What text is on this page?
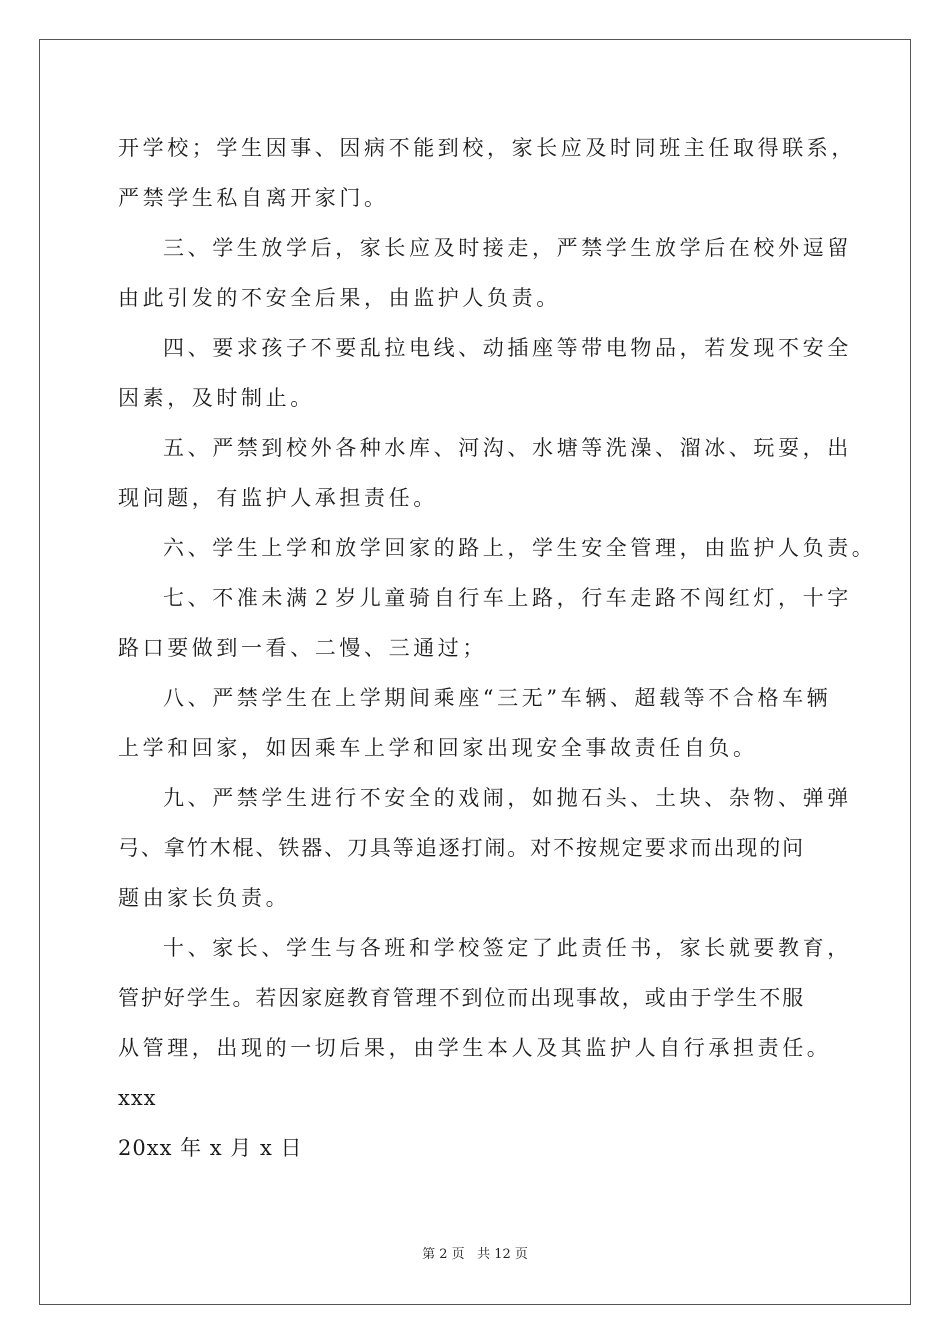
开学校；学生因事、因病不能到校，家长应及时同班主任取得联系，
严禁学生私自离开家门。
三、学生放学后，家长应及时接走，严禁学生放学后在校外逗留
由此引发的不安全后果，由监护人负责。
四、要求孩子不要乱拉电线、动插座等带电物品，若发现不安全
因素，及时制止。
五、严禁到校外各种水库、河沟、水塘等洗澡、溜冰、玩耍，出
现问题，有监护人承担责任。
六、学生上学和放学回家的路上，学生安全管理，由监护人负责。
七、不准未满２岁儿童骑自行车上路，行车走路不闯红灯，十字
路口要做到一看、二慢、三通过；
八、严禁学生在上学期间乘座“三无”车辆、超载等不合格车辆
上学和回家，如因乘车上学和回家出现安全事故责任自负。
九、严禁学生进行不安全的戏闹，如抛石头、土块、杂物、弹弹
弓、拿竹木棍、铁器、刀具等追逐打闹。对不按规定要求而出现的问
题由家长负责。
十、家长、学生与各班和学校签定了此责任书，家长就要教育，
管护好学生。若因家庭教育管理不到位而出现事故，或由于学生不服
从管理，出现的一切后果，由学生本人及其监护人自行承担责任。
xxx
20xx 年 x 月 x 日
第 2 页 共 12 页
